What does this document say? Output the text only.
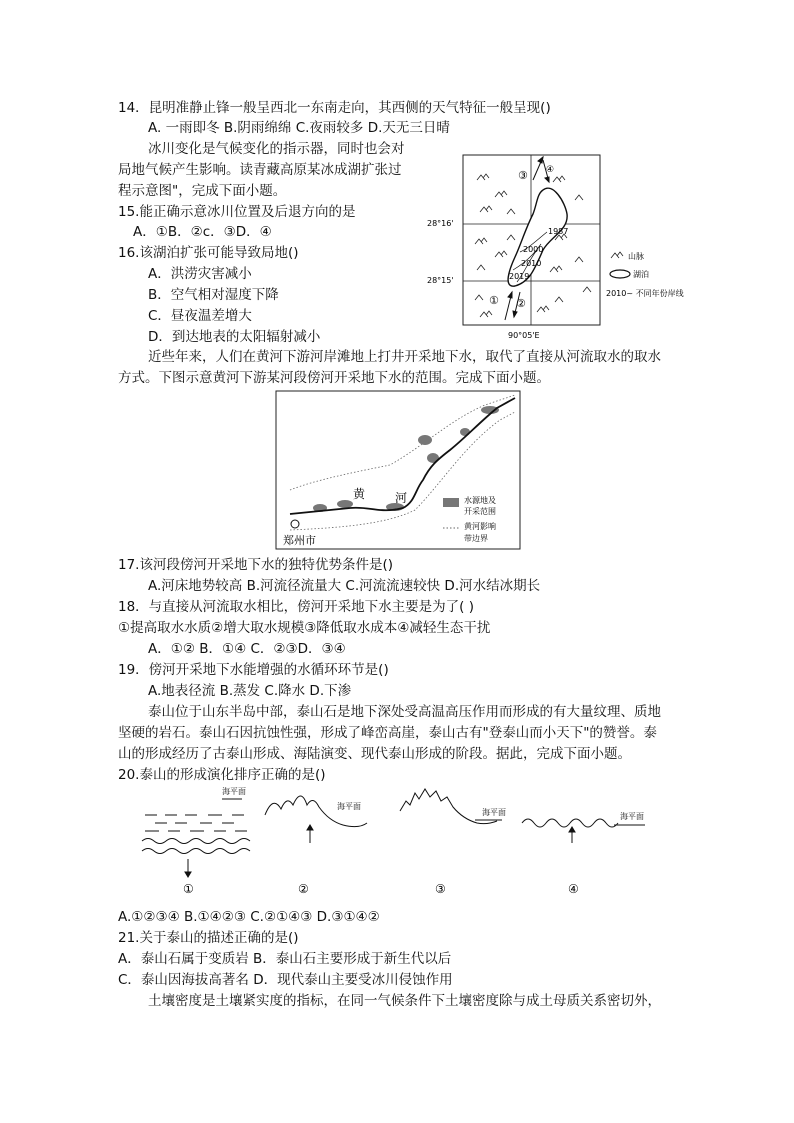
14．昆明准静止锋一般呈西北一东南走向，其西侧的天气特征一般呈现()
A. 一雨即冬 B.阴雨绵绵 C.夜雨较多 D.天无三日晴
冰川变化是气候变化的指示器，同时也会对
局地气候产生影响。读青藏高原某冰成湖扩张过
程示意图"，完成下面小题。
15.能正确示意冰川位置及后退方向的是
A．①B．②c．③D．④
16.该湖泊扩张可能导致局地()
A．洪涝灾害减小
B．空气相对湿度下降
C．昼夜温差增大
D．到达地表的太阳辐射减小
28°16'
28°15'
90°05'E
1987
2000
2010
2019
③ ④
① ②
山脉
湖泊
2010~ 不同年份岸线
近些年来，人们在黄河下游河岸滩地上打井开采地下水，取代了直接从河流取水的取水
方式。下图示意黄河下游某河段傍河开采地下水的范围。完成下面小题。
黄 河
郑州市
水源地及
开采范围
黄河影响
带边界
17.该河段傍河开采地下水的独特优势条件是()
A.河床地势较高 B.河流径流量大 C.河流流速较快 D.河水结冰期长
18．与直接从河流取水相比，傍河开采地下水主要是为了( )
①提高取水水质②增大取水规模③降低取水成本④减轻生态干扰
A．①② B．①④ C．②③D．③④
19．傍河开采地下水能增强的水循环环节是()
A.地表径流 B.蒸发 C.降水 D.下渗
泰山位于山东半岛中部，泰山石是地下深处受高温高压作用而形成的有大量纹理、质地
坚硬的岩石。泰山石因抗蚀性强，形成了峰峦高崖，泰山古有"登泰山而小天下"的赞誉。泰
山的形成经历了古泰山形成、海陆演变、现代泰山形成的阶段。据此，完成下面小题。
20.泰山的形成演化排序正确的是()
海平面
①
海平面
②
海平面
③
海平面
④
A.①②③④ B.①④②③ C.②①④③ D.③①④②
21.关于泰山的描述正确的是()
A．泰山石属于变质岩 B．泰山石主要形成于新生代以后
C．泰山因海拔高著名 D．现代泰山主要受冰川侵蚀作用
土壤密度是土壤紧实度的指标，在同一气候条件下土壤密度除与成土母质关系密切外，
